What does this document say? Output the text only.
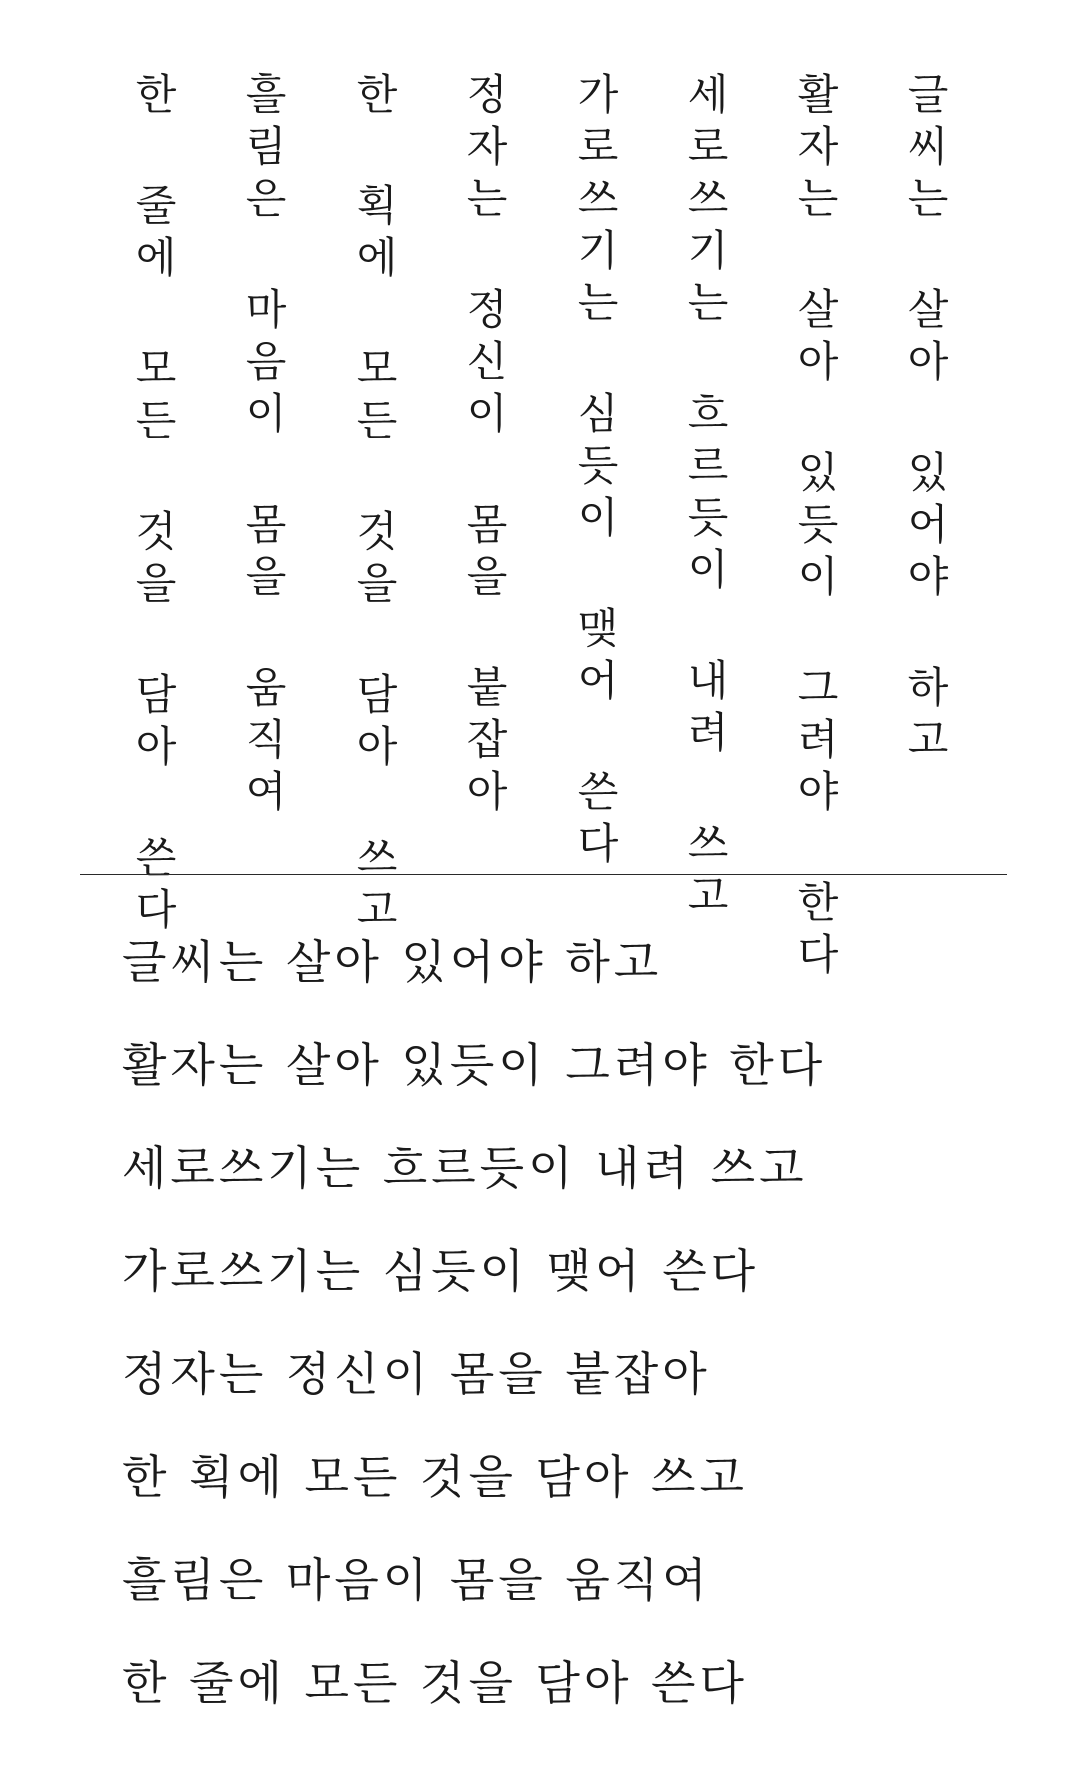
글씨는 살아 있어야 하고
활자는 살아 있듯이 그려야 한다
세로쓰기는 흐르듯이 내려 쓰고
가로쓰기는 심듯이 맺어 쓴다
정자는 정신이 몸을 붙잡아
한 획에 모든 것을 담아 쓰고
흘림은 마음이 몸을 움직여
한 줄에 모든 것을 담아 쓴다
글씨는 살아 있어야 하고
활자는 살아 있듯이 그려야 한다
세로쓰기는 흐르듯이 내려 쓰고
가로쓰기는 심듯이 맺어 쓴다
정자는 정신이 몸을 붙잡아
한 획에 모든 것을 담아 쓰고
흘림은 마음이 몸을 움직여
한 줄에 모든 것을 담아 쓴다
